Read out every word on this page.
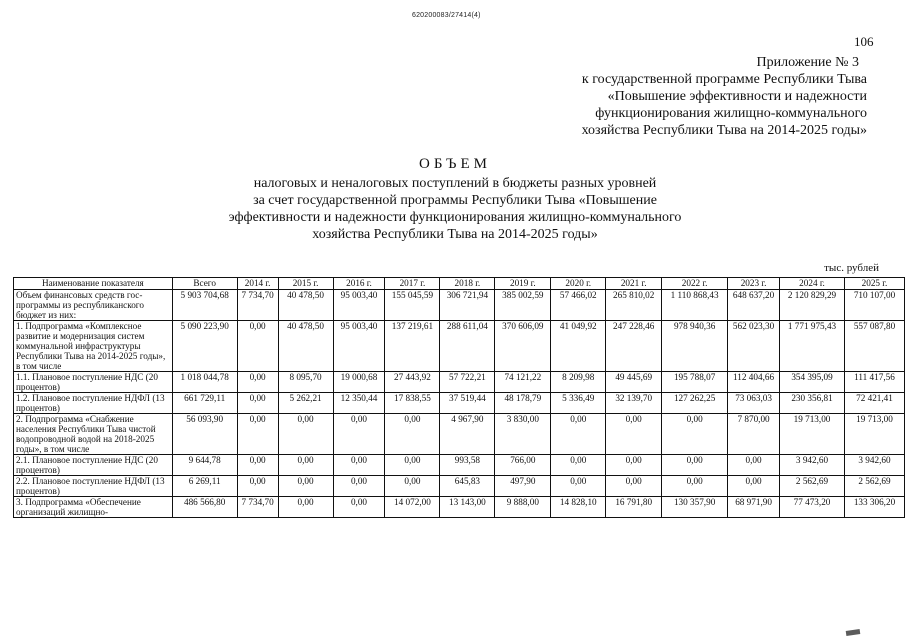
620200083/27414(4)
106
Приложение № 3
к государственной программе Республики Тыва
«Повышение эффективности и надежности
функционирования жилищно-коммунального
хозяйства Республики Тыва на 2014-2025 годы»
ОБЪЕМ
налоговых и неналоговых поступлений в бюджеты разных уровней
за счет государственной программы Республики Тыва «Повышение
эффективности и надежности функционирования жилищно-коммунального
хозяйства Республики Тыва на 2014-2025 годы»
тыс. рублей
Наименование показателя	Всего	2014 г.	2015 г.	2016 г.	2017 г.	2018 г.	2019 г.	2020 г.	2021 г.	2022 г.	2023 г.	2024 г.	2025 г.
Объем финансовых средств гос-программы из республиканского бюджет из них:	5 903 704,68	7 734,70	40 478,50	95 003,40	155 045,59	306 721,94	385 002,59	57 466,02	265 810,02	1 110 868,43	648 637,20	2 120 829,29	710 107,00
1. Подпрограмма «Комплексное развитие и модернизация систем коммунальной инфраструктуры Республики Тыва на 2014-2025 годы», в том числе	5 090 223,90	0,00	40 478,50	95 003,40	137 219,61	288 611,04	370 606,09	41 049,92	247 228,46	978 940,36	562 023,30	1 771 975,43	557 087,80
1.1. Плановое поступление НДС (20 процентов)	1 018 044,78	0,00	8 095,70	19 000,68	27 443,92	57 722,21	74 121,22	8 209,98	49 445,69	195 788,07	112 404,66	354 395,09	111 417,56
1.2. Плановое поступление НДФЛ (13 процентов)	661 729,11	0,00	5 262,21	12 350,44	17 838,55	37 519,44	48 178,79	5 336,49	32 139,70	127 262,25	73 063,03	230 356,81	72 421,41
2. Подпрограмма «Снабжение населения Республики Тыва чистой водопроводной водой на 2018-2025 годы», в том числе	56 093,90	0,00	0,00	0,00	0,00	4 967,90	3 830,00	0,00	0,00	0,00	7 870,00	19 713,00	19 713,00
2.1. Плановое поступление НДС (20 процентов)	9 644,78	0,00	0,00	0,00	0,00	993,58	766,00	0,00	0,00	0,00	0,00	3 942,60	3 942,60
2.2. Плановое поступление НДФЛ (13 процентов)	6 269,11	0,00	0,00	0,00	0,00	645,83	497,90	0,00	0,00	0,00	0,00	2 562,69	2 562,69
3. Подпрограмма «Обеспечение организаций жилищно-	486 566,80	7 734,70	0,00	0,00	14 072,00	13 143,00	9 888,00	14 828,10	16 791,80	130 357,90	68 971,90	77 473,20	133 306,20
